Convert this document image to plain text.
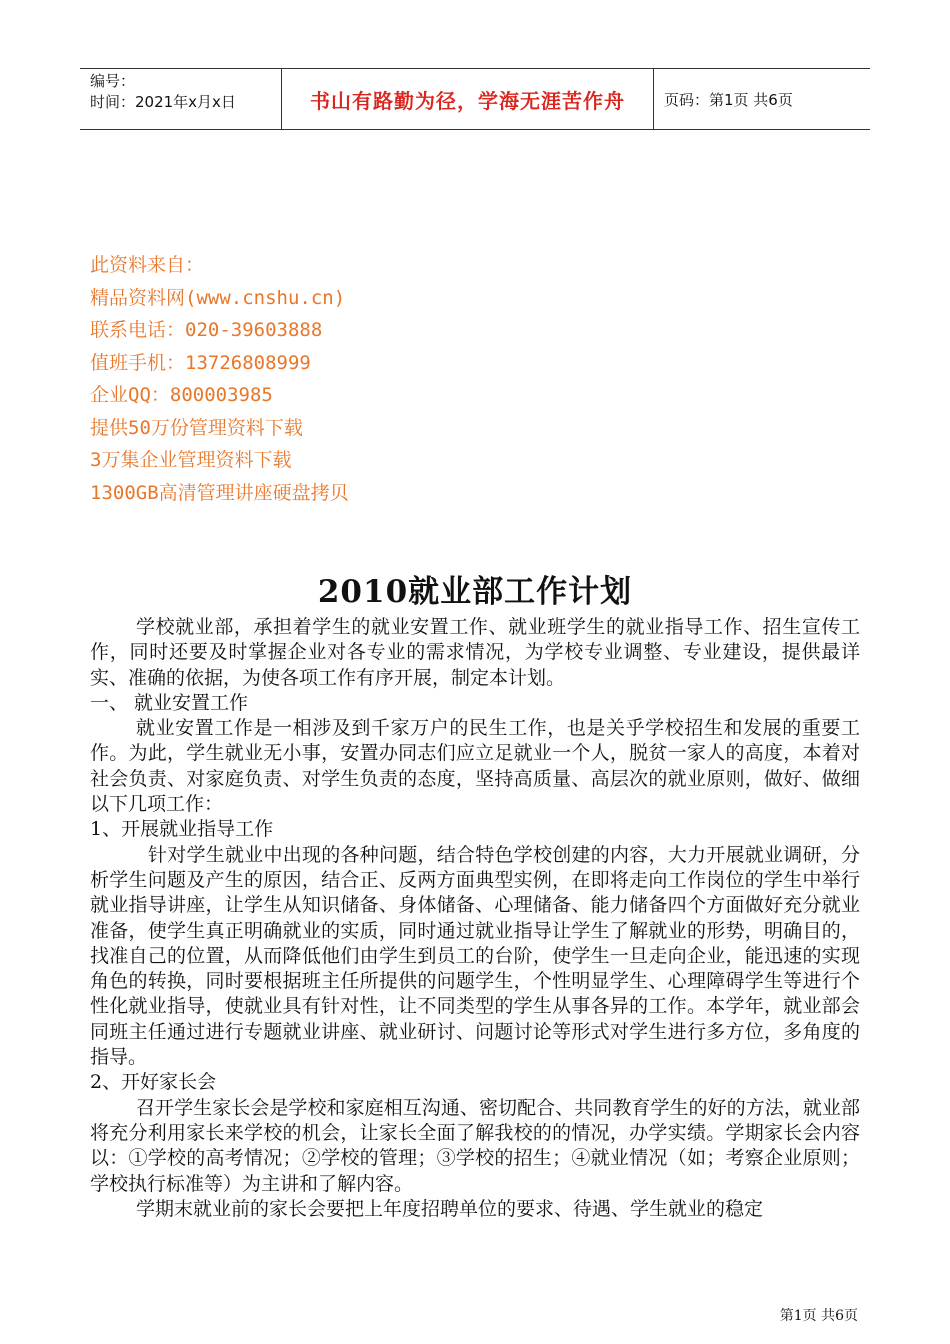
编号：
时间：2021年x月x日	书山有路勤为径，学海无涯苦作舟	页码：第1页 共6页
此资料来自：
精品资料网(www.cnshu.cn)
联系电话：020-39603888
值班手机：13726808999
企业QQ：800003985
提供50万份管理资料下载
3万集企业管理资料下载
1300GB高清管理讲座硬盘拷贝
2010就业部工作计划

学校就业部，承担着学生的就业安置工作、就业班学生的就业指导工作、招生宣传工作，同时还要及时掌握企业对各专业的需求情况，为学校专业调整、专业建设，提供最详实、准确的依据，为使各项工作有序开展，制定本计划。

一、 就业安置工作

就业安置工作是一相涉及到千家万户的民生工作，也是关乎学校招生和发展的重要工作。为此，学生就业无小事，安置办同志们应立足就业一个人，脱贫一家人的高度，本着对社会负责、对家庭负责、对学生负责的态度，坚持高质量、高层次的就业原则，做好、做细以下几项工作：

1、开展就业指导工作

针对学生就业中出现的各种问题，结合特色学校创建的内容，大力开展就业调研，分析学生问题及产生的原因，结合正、反两方面典型实例，在即将走向工作岗位的学生中举行就业指导讲座，让学生从知识储备、身体储备、心理储备、能力储备四个方面做好充分就业准备，使学生真正明确就业的实质，同时通过就业指导让学生了解就业的形势，明确目的，找准自己的位置，从而降低他们由学生到员工的台阶，使学生一旦走向企业，能迅速的实现角色的转换，同时要根据班主任所提供的问题学生，个性明显学生、心理障碍学生等进行个性化就业指导，使就业具有针对性，让不同类型的学生从事各异的工作。本学年，就业部会同班主任通过进行专题就业讲座、就业研讨、问题讨论等形式对学生进行多方位，多角度的指导。

2、开好家长会

召开学生家长会是学校和家庭相互沟通、密切配合、共同教育学生的好的方法，就业部将充分利用家长来学校的机会，让家长全面了解我校的的情况，办学实绩。学期家长会内容以：①学校的高考情况；②学校的管理；③学校的招生；④就业情况（如；考察企业原则；学校执行标准等）为主讲和了解内容。

学期末就业前的家长会要把上年度招聘单位的要求、待遇、学生就业的稳定

第1页 共6页
